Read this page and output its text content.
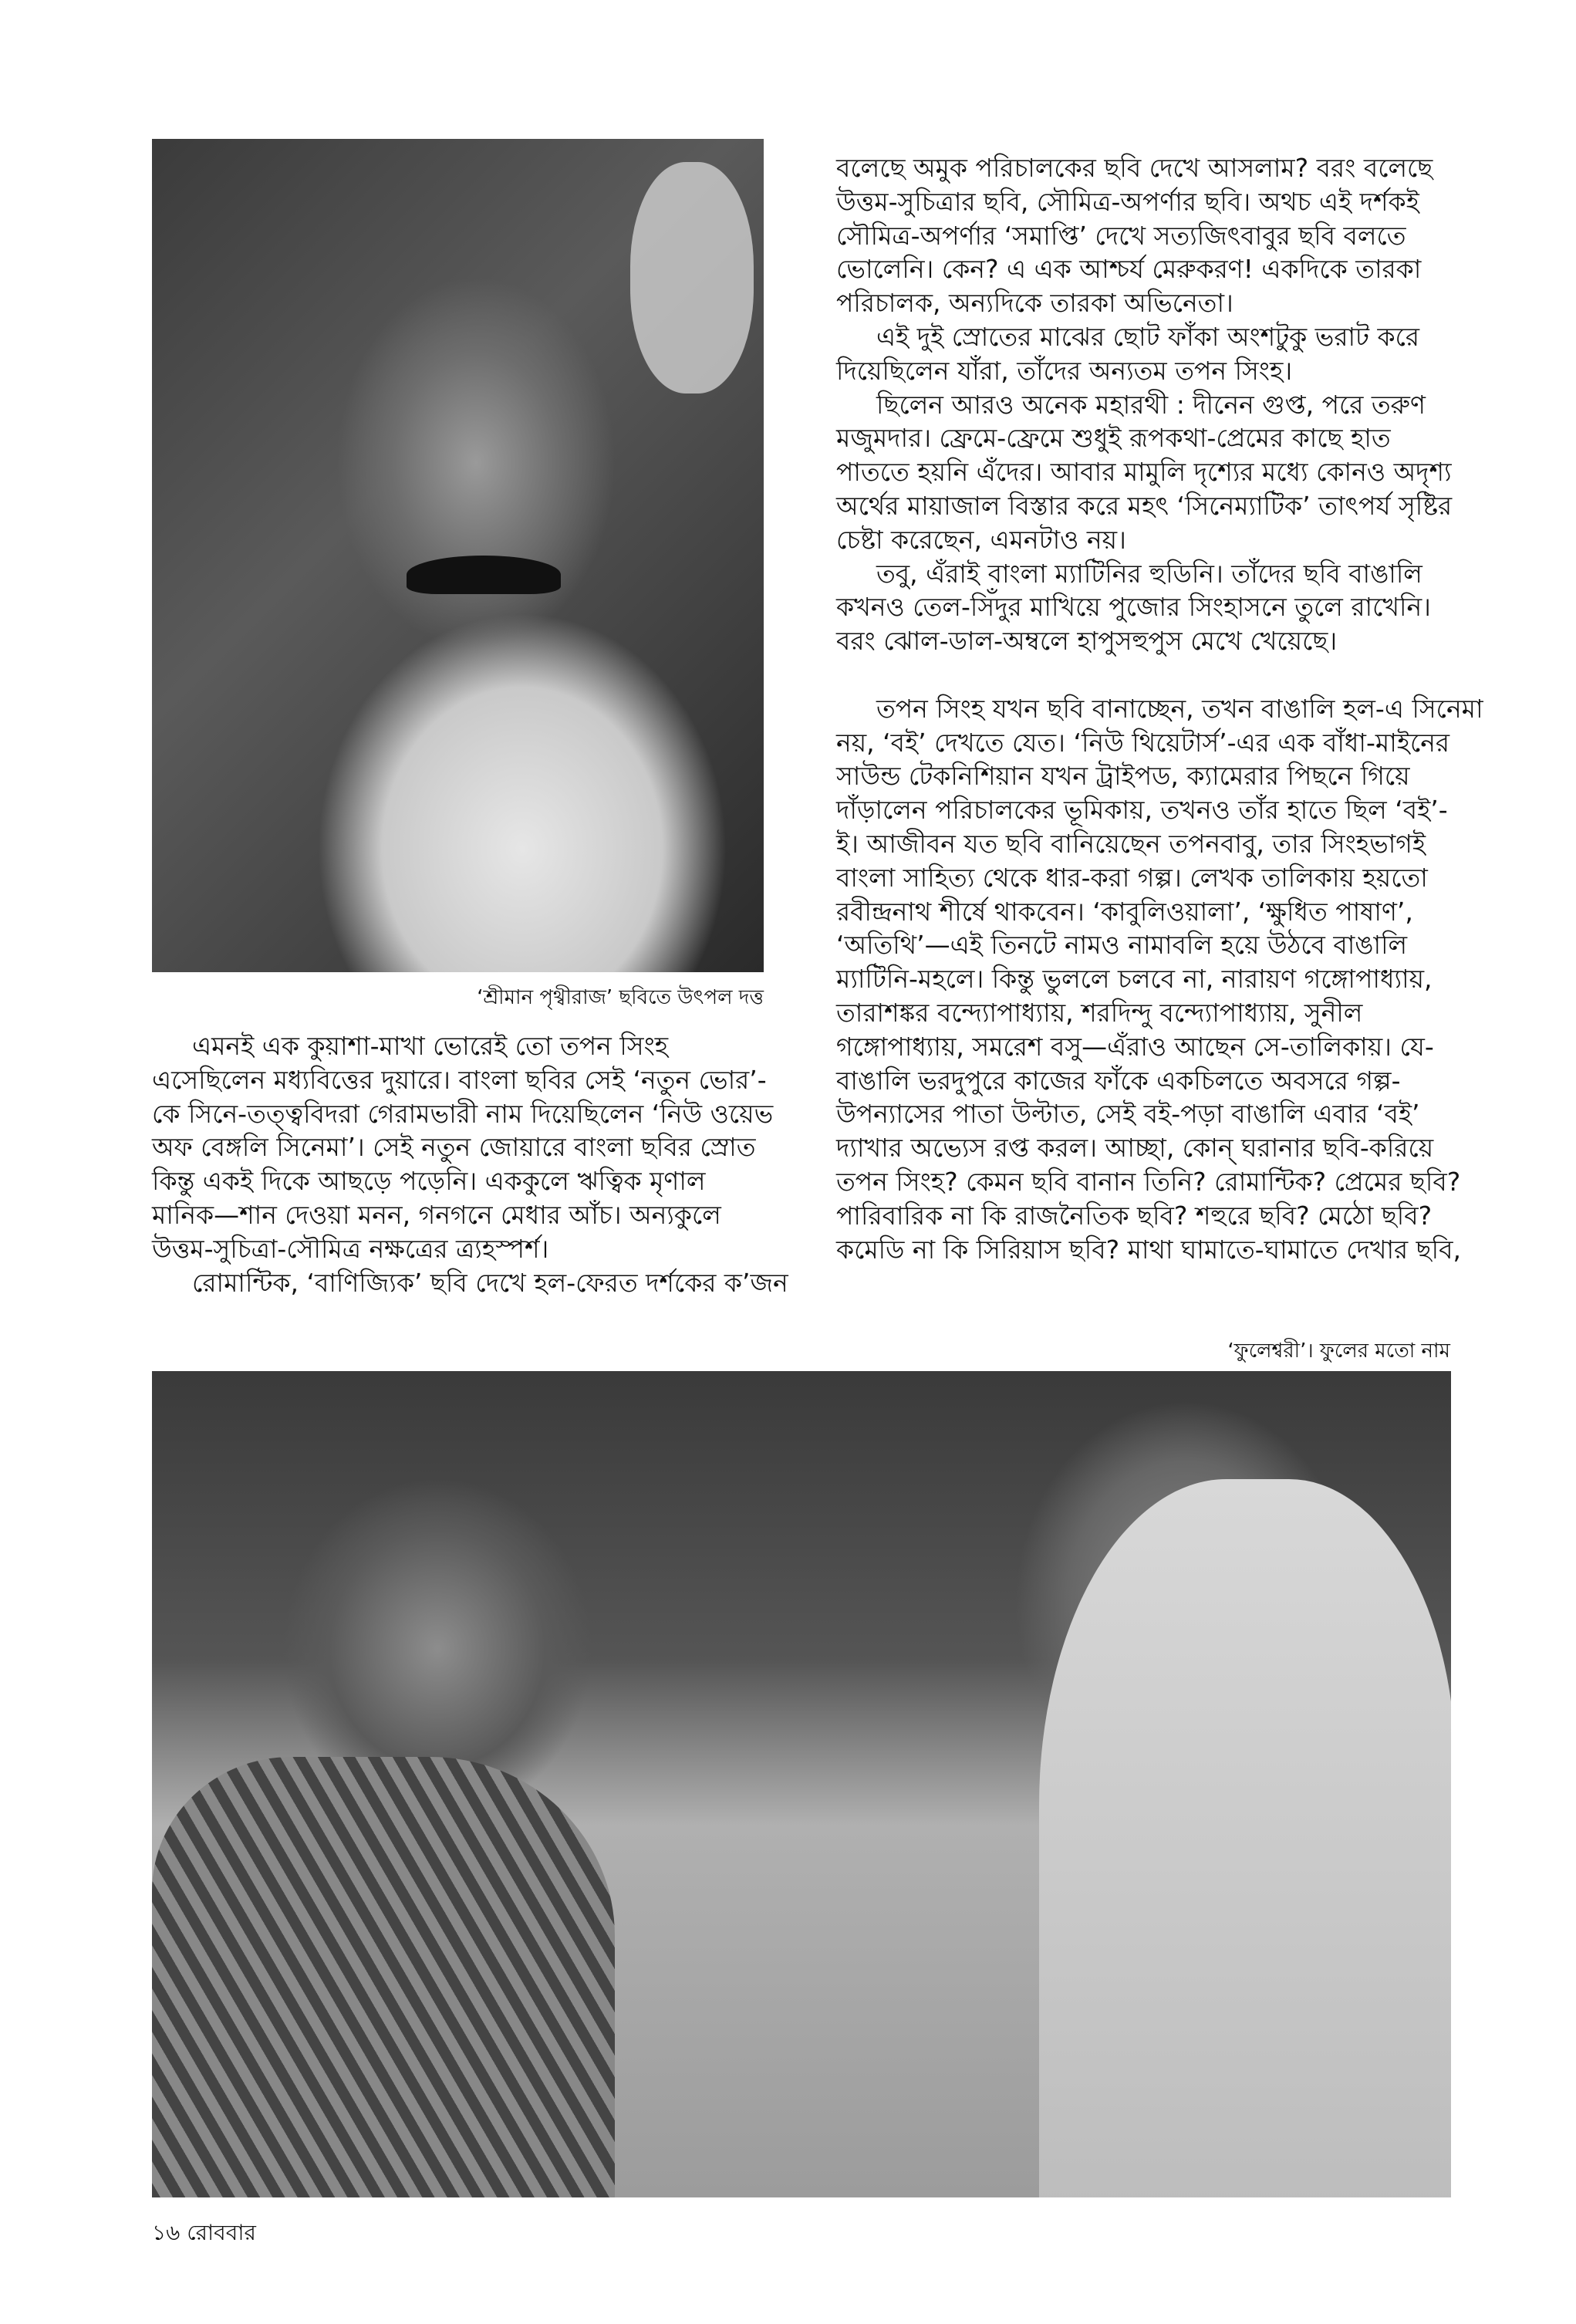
‘শ্রীমান পৃথ্বীরাজ’ ছবিতে উৎপল দত্ত
এমনই এক কুয়াশা-মাখা ভোরেই তো তপন সিংহ
এসেছিলেন মধ্যবিত্তের দুয়ারে। বাংলা ছবির সেই ‘নতুন ভোর’-
কে সিনে-তত্ত্ববিদরা গেরামভারী নাম দিয়েছিলেন ‘নিউ ওয়েভ
অফ বেঙ্গলি সিনেমা’। সেই নতুন জোয়ারে বাংলা ছবির স্রোত
কিন্তু একই দিকে আছড়ে পড়েনি। এককুলে ঋত্বিক মৃণাল
মানিক—শান দেওয়া মনন, গনগনে মেধার আঁচ। অন্যকুলে
উত্তম-সুচিত্রা-সৌমিত্র নক্ষত্রের ত্র্যহস্পর্শ।
রোমান্টিক, ‘বাণিজ্যিক’ ছবি দেখে হল-ফেরত দর্শকের ক’জন
বলেছে অমুক পরিচালকের ছবি দেখে আসলাম? বরং বলেছে
উত্তম-সুচিত্রার ছবি, সৌমিত্র-অপর্ণার ছবি। অথচ এই দর্শকই
সৌমিত্র-অপর্ণার ‘সমাপ্তি’ দেখে সত্যজিৎবাবুর ছবি বলতে
ভোলেনি। কেন? এ এক আশ্চর্য মেরুকরণ! একদিকে তারকা
পরিচালক, অন্যদিকে তারকা অভিনেতা।
এই দুই স্রোতের মাঝের ছোট ফাঁকা অংশটুকু ভরাট করে
দিয়েছিলেন যাঁরা, তাঁদের অন্যতম তপন সিংহ।
ছিলেন আরও অনেক মহারথী : দীনেন গুপ্ত, পরে তরুণ
মজুমদার। ফ্রেমে-ফ্রেমে শুধুই রূপকথা-প্রেমের কাছে হাত
পাততে হয়নি এঁদের। আবার মামুলি দৃশ্যের মধ্যে কোনও অদৃশ্য
অর্থের মায়াজাল বিস্তার করে মহৎ ‘সিনেম্যাটিক’ তাৎপর্য সৃষ্টির
চেষ্টা করেছেন, এমনটাও নয়।
তবু, এঁরাই বাংলা ম্যাটিনির হুডিনি। তাঁদের ছবি বাঙালি
কখনও তেল-সিঁদুর মাখিয়ে পুজোর সিংহাসনে তুলে রাখেনি।
বরং ঝোল-ডাল-অম্বলে হাপুসহুপুস মেখে খেয়েছে।
তপন সিংহ যখন ছবি বানাচ্ছেন, তখন বাঙালি হল-এ সিনেমা
নয়, ‘বই’ দেখতে যেত। ‘নিউ থিয়েটার্স’-এর এক বাঁধা-মাইনের
সাউন্ড টেকনিশিয়ান যখন ট্রাইপড, ক্যামেরার পিছনে গিয়ে
দাঁড়ালেন পরিচালকের ভূমিকায়, তখনও তাঁর হাতে ছিল ‘বই’-
ই। আজীবন যত ছবি বানিয়েছেন তপনবাবু, তার সিংহভাগই
বাংলা সাহিত্য থেকে ধার-করা গল্প। লেখক তালিকায় হয়তো
রবীন্দ্রনাথ শীর্ষে থাকবেন। ‘কাবুলিওয়ালা’, ‘ক্ষুধিত পাষাণ’,
‘অতিথি’—এই তিনটে নামও নামাবলি হয়ে উঠবে বাঙালি
ম্যাটিনি-মহলে। কিন্তু ভুললে চলবে না, নারায়ণ গঙ্গোপাধ্যায়,
তারাশঙ্কর বন্দ্যোপাধ্যায়, শরদিন্দু বন্দ্যোপাধ্যায়, সুনীল
গঙ্গোপাধ্যায়, সমরেশ বসু—এঁরাও আছেন সে-তালিকায়। যে-
বাঙালি ভরদুপুরে কাজের ফাঁকে একচিলতে অবসরে গল্প-
উপন্যাসের পাতা উল্টাত, সেই বই-পড়া বাঙালি এবার ‘বই’
দ্যাখার অভ্যেস রপ্ত করল। আচ্ছা, কোন্ ঘরানার ছবি-করিয়ে
তপন সিংহ? কেমন ছবি বানান তিনি? রোমান্টিক? প্রেমের ছবি?
পারিবারিক না কি রাজনৈতিক ছবি? শহুরে ছবি? মেঠো ছবি?
কমেডি না কি সিরিয়াস ছবি? মাথা ঘামাতে-ঘামাতে দেখার ছবি,
‘ফুলেশ্বরী’। ফুলের মতো নাম
১৬ রোববার
